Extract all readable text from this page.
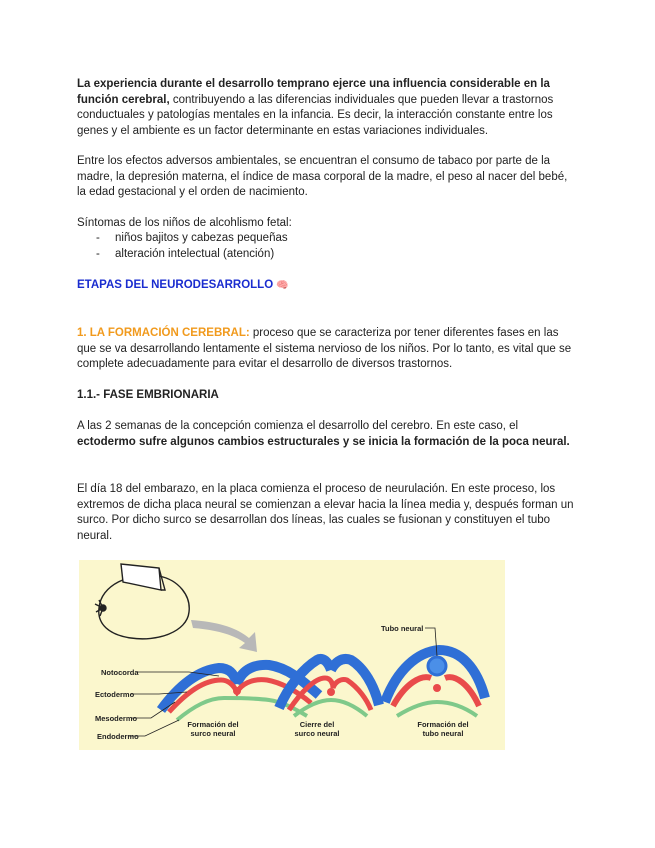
La experiencia durante el desarrollo temprano ejerce una influencia considerable en la función cerebral, contribuyendo a las diferencias individuales que pueden llevar a trastornos conductuales y patologías mentales en la infancia. Es decir, la interacción constante entre los genes y el ambiente es un factor determinante en estas variaciones individuales.

Entre los efectos adversos ambientales, se encuentran el consumo de tabaco por parte de la madre, la depresión materna, el índice de masa corporal de la madre, el peso al nacer del bebé, la edad gestacional y el orden de nacimiento.

Síntomas de los niños de alcohlismo fetal:

- niños bajitos y cabezas pequeñas
- alteración intelectual (atención)

ETAPAS DEL NEURODESARROLLO 🧠

1. LA FORMACIÓN CEREBRAL: proceso que se caracteriza por tener diferentes fases en las que se va desarrollando lentamente el sistema nervioso de los niños. Por lo tanto, es vital que se complete adecuadamente para evitar el desarrollo de diversos trastornos.

1.1.- FASE EMBRIONARIA

A las 2 semanas de la concepción comienza el desarrollo del cerebro. En este caso, el ectodermo sufre algunos cambios estructurales y se inicia la formación de la poca neural.

El día 18 del embarazo, en la placa comienza el proceso de neurulación. En este proceso, los extremos de dicha placa neural se comienzan a elevar hacia la línea media y, después forman un surco. Por dicho surco se desarrollan dos líneas, las cuales se fusionan y constituyen el tubo neural.

Notocorda
Ectodermo
Mesodermo
Endodermo
Tubo neural
Formación del surco neural
Cierre del surco neural
Formación del tubo neural
